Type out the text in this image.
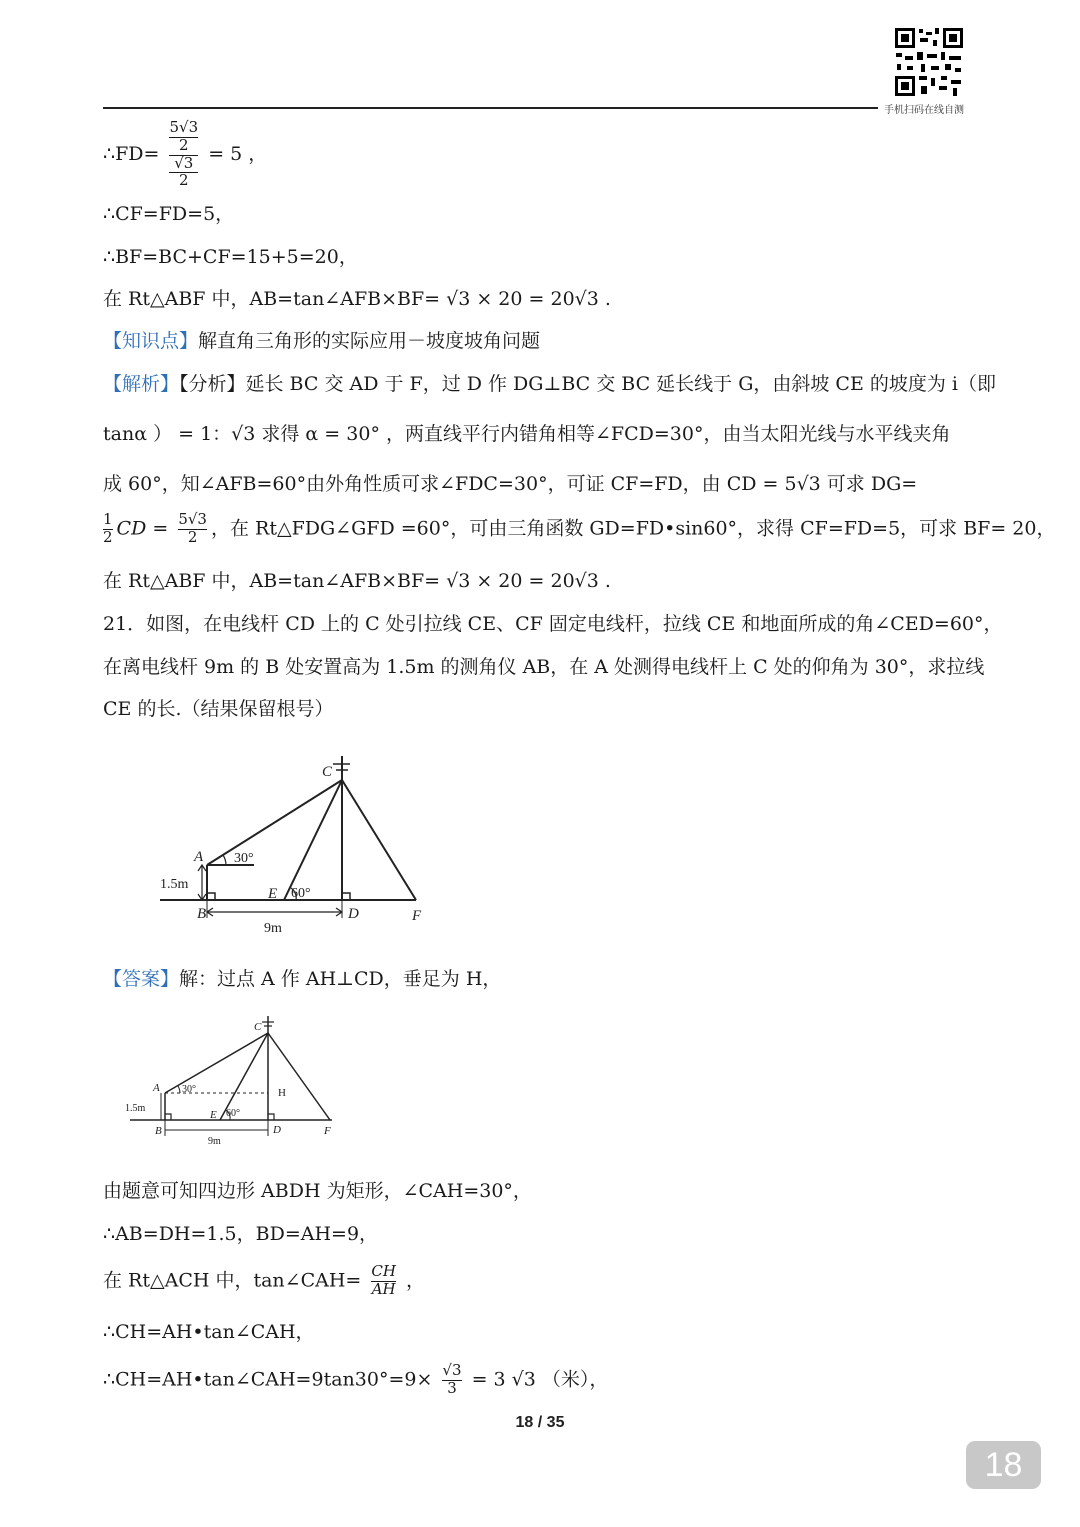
手机扫码在线自测
∴FD= 5√3
2
√3
2 = 5 ，
∴CF=FD=5，
∴BF=BC+CF=15+5=20，
在 Rt△ABF 中，AB=tan∠AFB×BF= √3 × 20 = 20√3 .
【知识点】解直角三角形的实际应用－坡度坡角问题
【解析】【分析】延长 BC 交 AD 于 F，过 D 作 DG⊥BC 交 BC 延长线于 G，由斜坡 CE 的坡度为 i（即
tanα ） = 1：√3 求得 α = 30° ，两直线平行内错角相等∠FCD=30°，由当太阳光线与水平线夹角
成 60°，知∠AFB=60°由外角性质可求∠FDC=30°，可证 CF=FD，由 CD = 5√3 可求 DG=
$\frac{1}{2}$ CD = $\frac{5√3}{2}$ ，在 Rt△FDG∠GFD =60°，可由三角函数 GD=FD•sin60°，求得 CF=FD=5，可求 BF= 20，
在 Rt△ABF 中，AB=tan∠AFB×BF= √3 × 20 = 20√3 .
21．如图，在电线杆 CD 上的 C 处引拉线 CE、CF 固定电线杆，拉线 CE 和地面所成的角∠CED=60°，
在离电线杆 9m 的 B 处安置高为 1.5m 的测角仪 AB，在 A 处测得电线杆上 C 处的仰角为 30°，求拉线
CE 的长.（结果保留根号）
C
A
B	D
E
F
30°
60°
1.5m
9m
【答案】解：过点 A 作 AH⊥CD，垂足为 H，
C
A
B	D
E
F
H
30°
60°
1.5m
9m
由题意可知四边形 ABDH 为矩形，∠CAH=30°，
∴AB=DH=1.5，BD=AH=9，
在 Rt△ACH 中，tan∠CAH= $\frac{CH}{AH}$ ，
∴CH=AH•tan∠CAH，
∴CH=AH•tan∠CAH=9tan30°=9× $\frac{√3}{3} = 3$ √3 （米），
18 / 35
18
